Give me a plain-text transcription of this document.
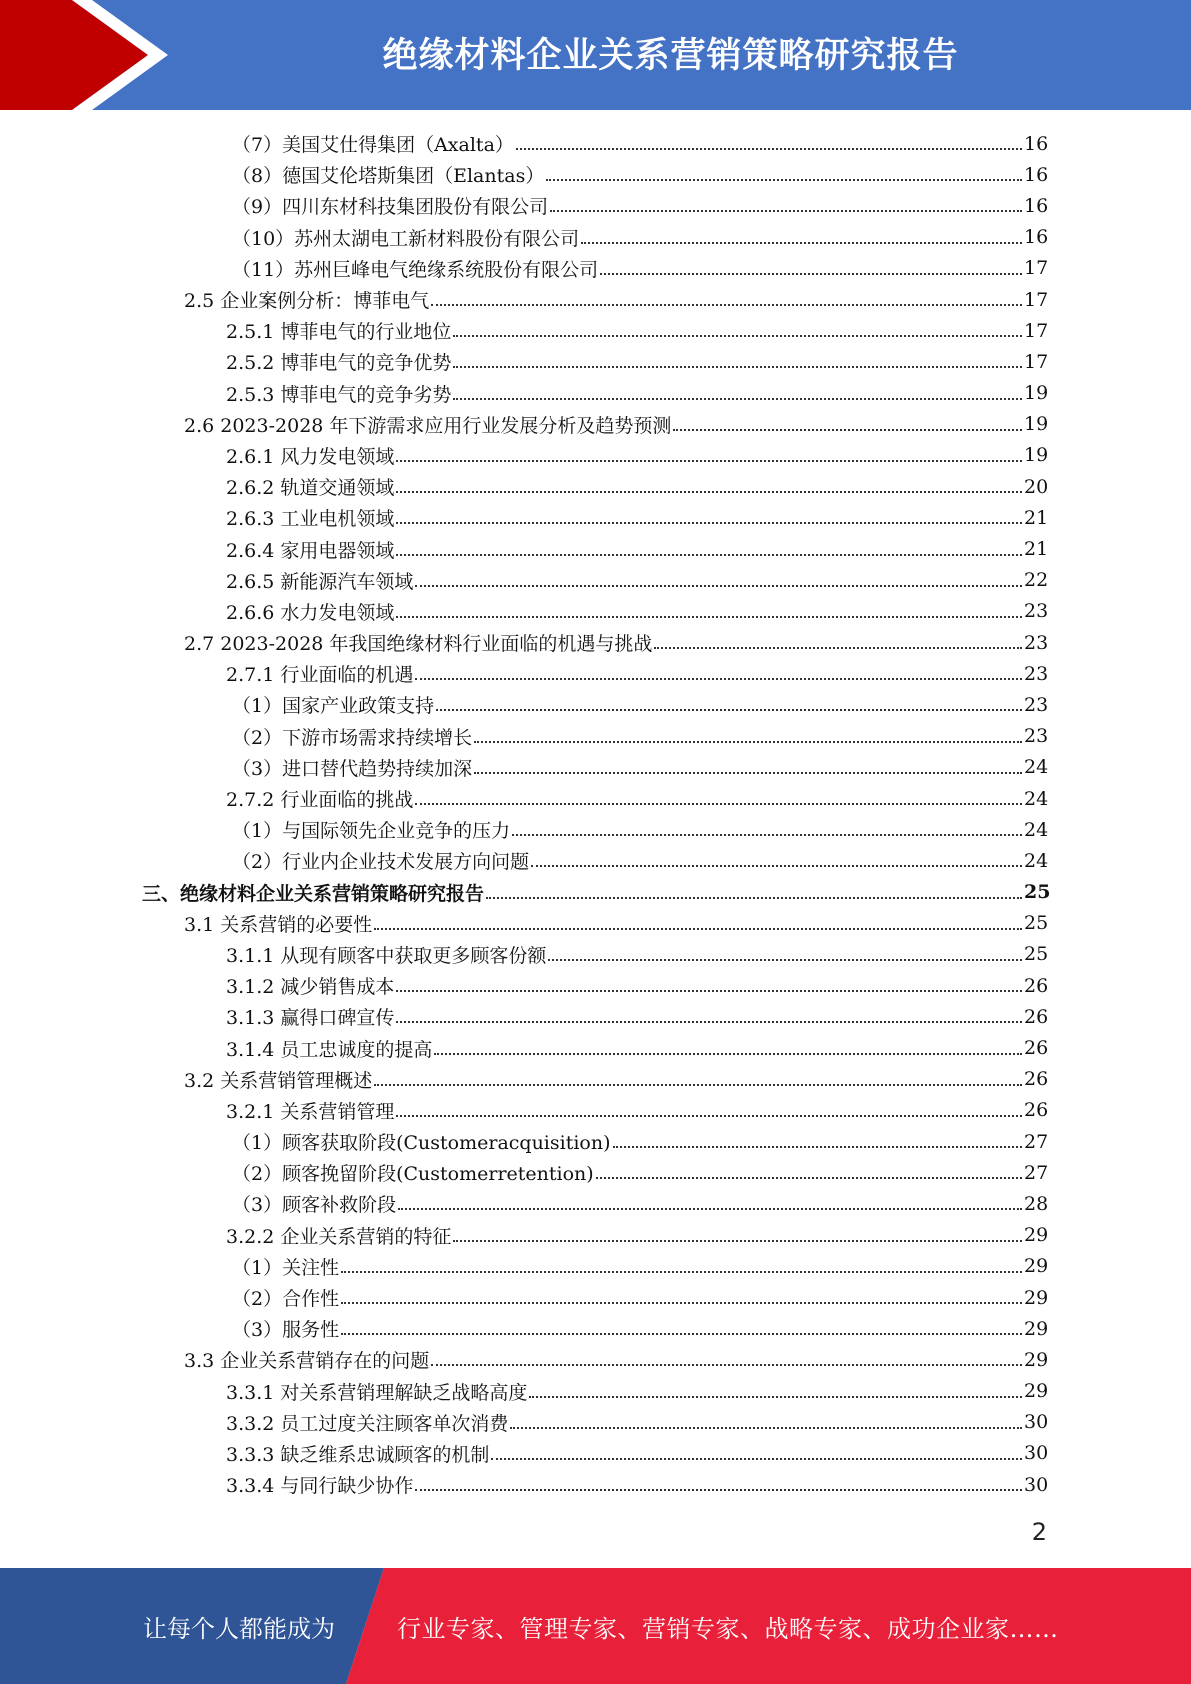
绝缘材料企业关系营销策略研究报告
（7）美国艾仕得集团（Axalta）	16
（8）德国艾伦塔斯集团（Elantas）	16
（9）四川东材科技集团股份有限公司	16
（10）苏州太湖电工新材料股份有限公司	16
（11）苏州巨峰电气绝缘系统股份有限公司	17
2.5 企业案例分析：博菲电气	17
2.5.1 博菲电气的行业地位	17
2.5.2 博菲电气的竞争优势	17
2.5.3 博菲电气的竞争劣势	19
2.6 2023-2028 年下游需求应用行业发展分析及趋势预测	19
2.6.1 风力发电领域	19
2.6.2 轨道交通领域	20
2.6.3 工业电机领域	21
2.6.4 家用电器领域	21
2.6.5 新能源汽车领域	22
2.6.6 水力发电领域	23
2.7 2023-2028 年我国绝缘材料行业面临的机遇与挑战	23
2.7.1 行业面临的机遇	23
（1）国家产业政策支持	23
（2）下游市场需求持续增长	23
（3）进口替代趋势持续加深	24
2.7.2 行业面临的挑战	24
（1）与国际领先企业竞争的压力	24
（2）行业内企业技术发展方向问题	24
三、绝缘材料企业关系营销策略研究报告	25
3.1 关系营销的必要性	25
3.1.1 从现有顾客中获取更多顾客份额	25
3.1.2 减少销售成本	26
3.1.3 赢得口碑宣传	26
3.1.4 员工忠诚度的提高	26
3.2 关系营销管理概述	26
3.2.1 关系营销管理	26
（1）顾客获取阶段(Customeracquisition)	27
（2）顾客挽留阶段(Customerretention)	27
（3）顾客补救阶段	28
3.2.2 企业关系营销的特征	29
（1）关注性	29
（2）合作性	29
（3）服务性	29
3.3 企业关系营销存在的问题	29
3.3.1 对关系营销理解缺乏战略高度	29
3.3.2 员工过度关注顾客单次消费	30
3.3.3 缺乏维系忠诚顾客的机制	30
3.3.4 与同行缺少协作	30
2
让每个人都能成为	行业专家、管理专家、营销专家、战略专家、成功企业家……
